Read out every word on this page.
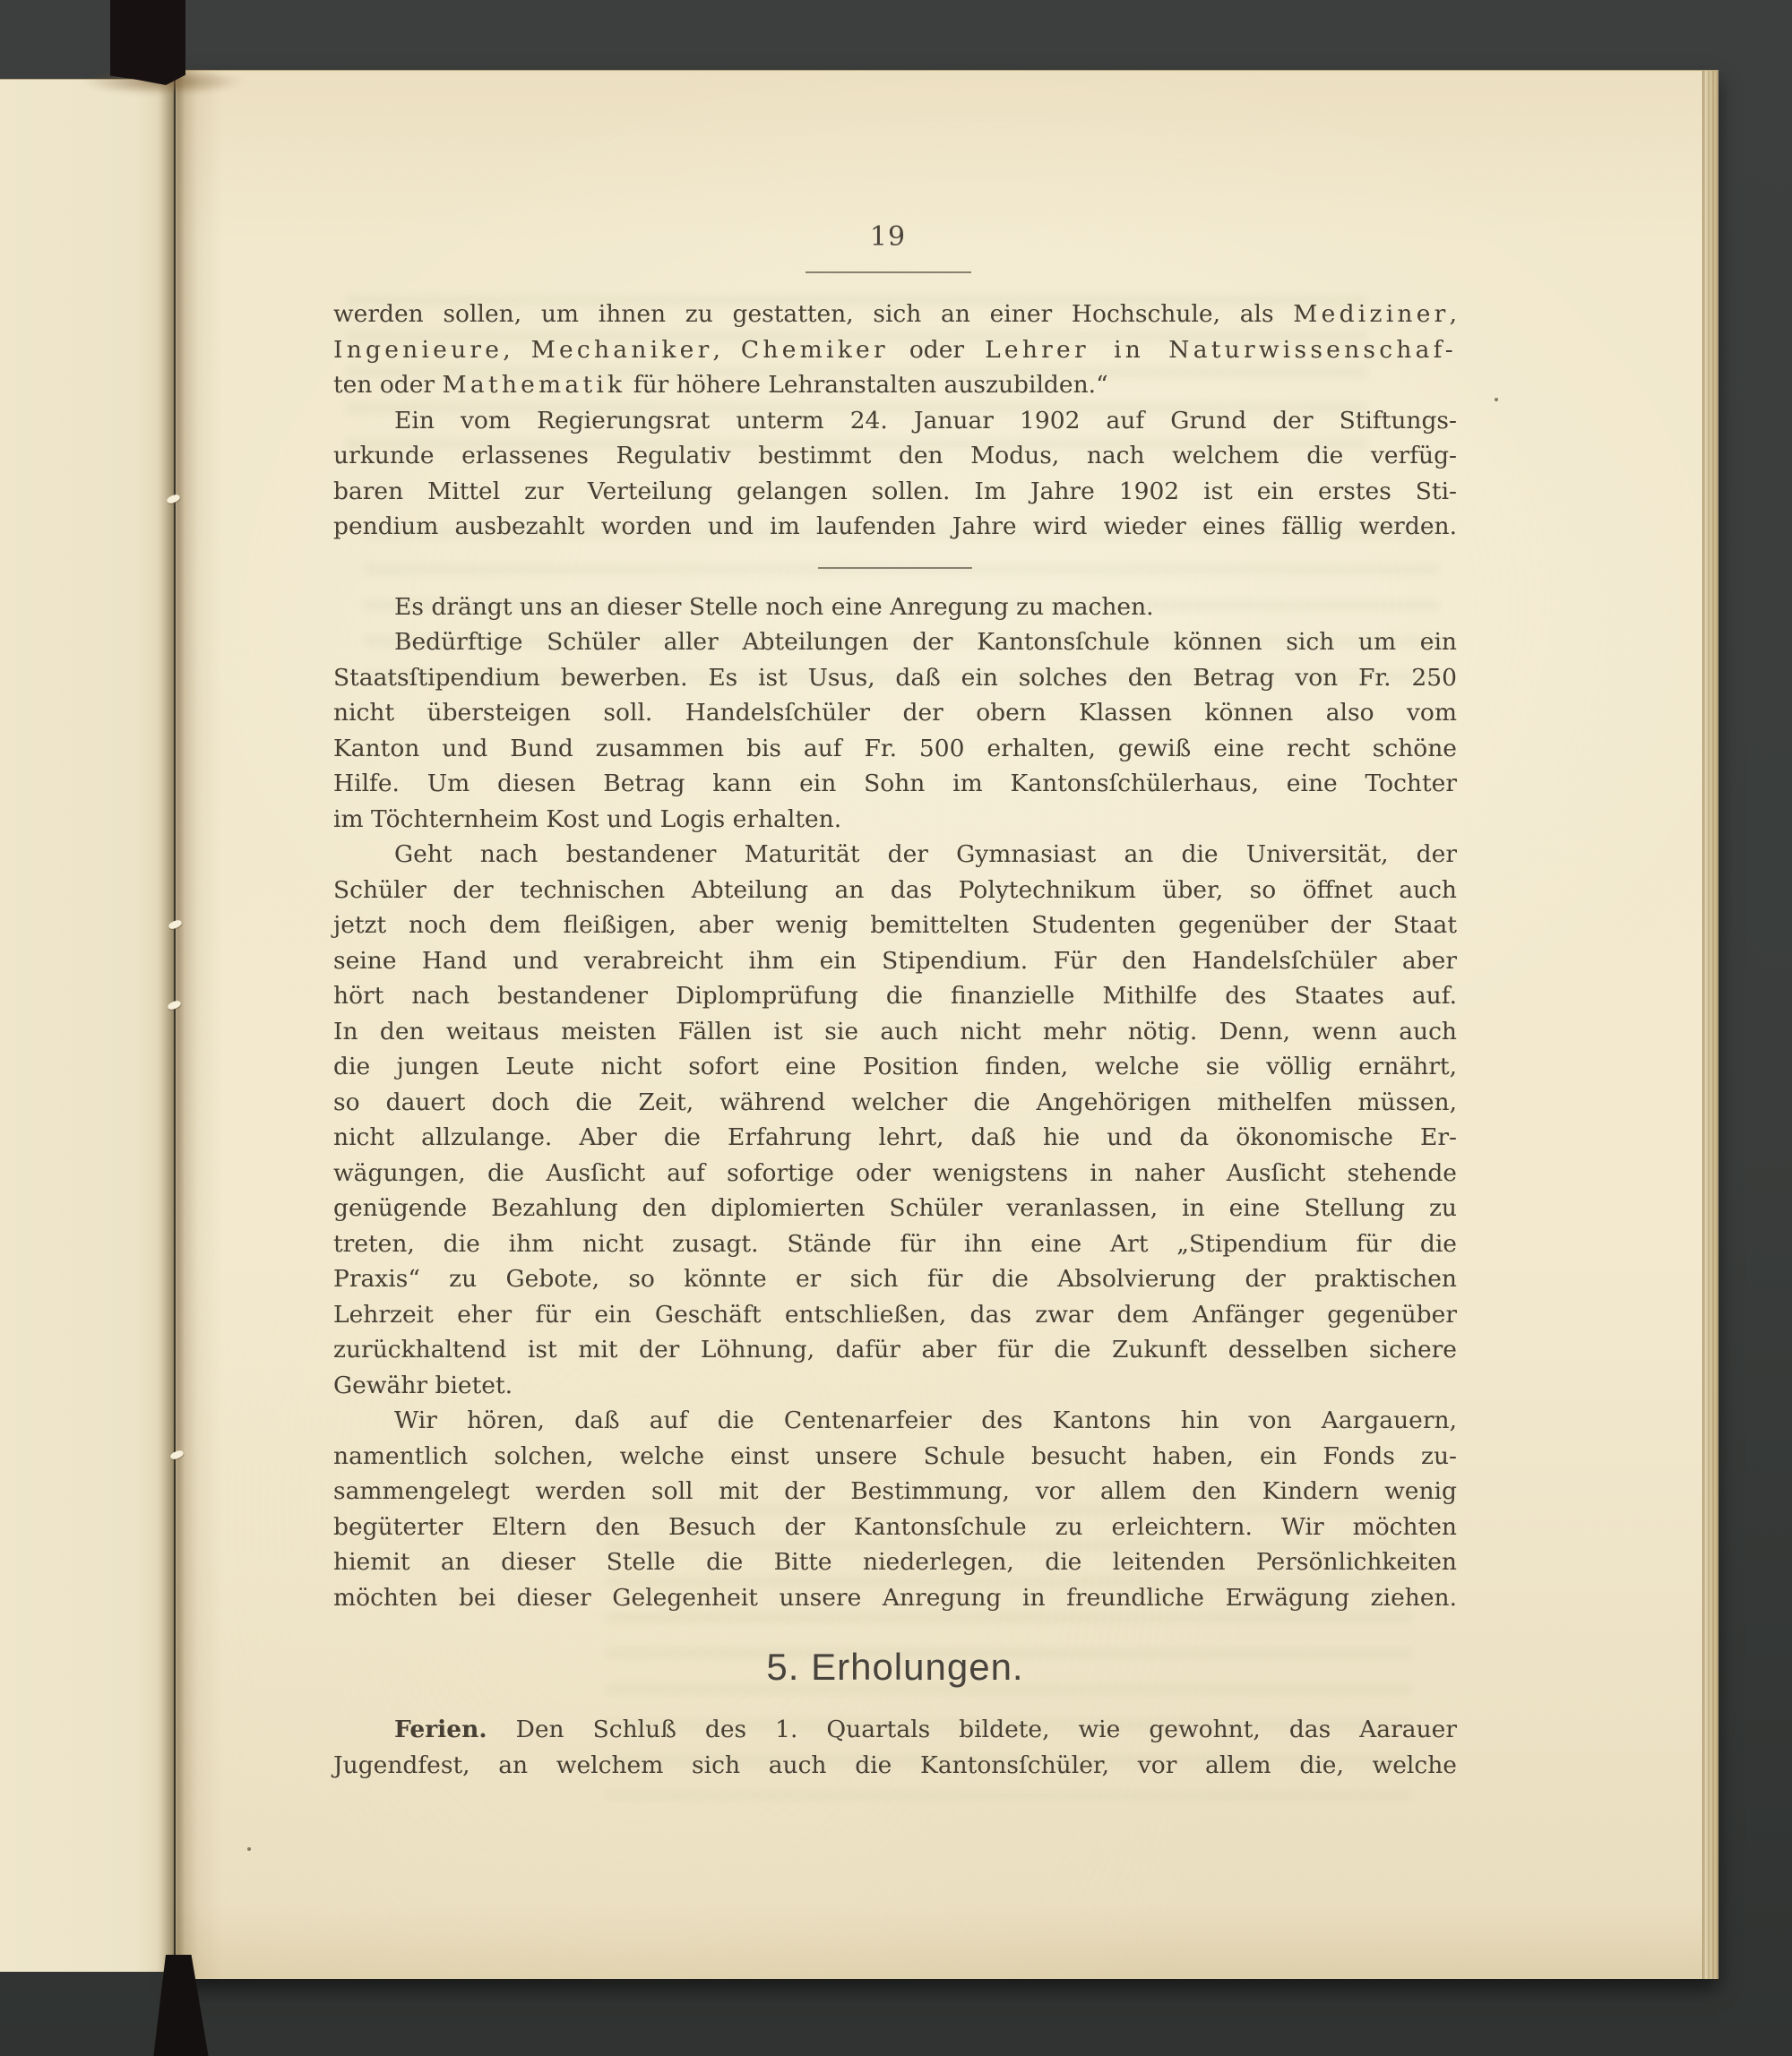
19
werden sollen, um ihnen zu gestatten, sich an einer Hochschule, als Mediziner,
Ingenieure, Mechaniker, Chemiker oder Lehrer in Naturwissenschaf-
ten oder Mathematik für höhere Lehranstalten auszubilden.“
Ein vom Regierungsrat unterm 24. Januar 1902 auf Grund der Stiftungs-
urkunde erlassenes Regulativ bestimmt den Modus, nach welchem die verfüg-
baren Mittel zur Verteilung gelangen sollen. Im Jahre 1902 ist ein erstes Sti-
pendium ausbezahlt worden und im laufenden Jahre wird wieder eines fällig werden.
Es drängt uns an dieser Stelle noch eine Anregung zu machen.
Bedürftige Schüler aller Abteilungen der Kantonsſchule können sich um ein
Staatsſtipendium bewerben. Es ist Usus, daß ein solches den Betrag von Fr. 250
nicht übersteigen soll. Handelsſchüler der obern Klassen können also vom
Kanton und Bund zusammen bis auf Fr. 500 erhalten, gewiß eine recht schöne
Hilfe. Um diesen Betrag kann ein Sohn im Kantonsſchülerhaus, eine Tochter
im Töchternheim Kost und Logis erhalten.
Geht nach bestandener Maturität der Gymnasiast an die Universität, der
Schüler der technischen Abteilung an das Polytechnikum über, so öffnet auch
jetzt noch dem fleißigen, aber wenig bemittelten Studenten gegenüber der Staat
seine Hand und verabreicht ihm ein Stipendium. Für den Handelsſchüler aber
hört nach bestandener Diplomprüfung die finanzielle Mithilfe des Staates auf.
In den weitaus meisten Fällen ist sie auch nicht mehr nötig. Denn, wenn auch
die jungen Leute nicht sofort eine Position finden, welche sie völlig ernährt,
so dauert doch die Zeit, während welcher die Angehörigen mithelfen müssen,
nicht allzulange. Aber die Erfahrung lehrt, daß hie und da ökonomische Er-
wägungen, die Ausſicht auf sofortige oder wenigstens in naher Ausſicht stehende
genügende Bezahlung den diplomierten Schüler veranlassen, in eine Stellung zu
treten, die ihm nicht zusagt. Stände für ihn eine Art „Stipendium für die
Praxis“ zu Gebote, so könnte er sich für die Absolvierung der praktischen
Lehrzeit eher für ein Geschäft entschließen, das zwar dem Anfänger gegenüber
zurückhaltend ist mit der Löhnung, dafür aber für die Zukunft desselben sichere
Gewähr bietet.
Wir hören, daß auf die Centenarfeier des Kantons hin von Aargauern,
namentlich solchen, welche einst unsere Schule besucht haben, ein Fonds zu-
sammengelegt werden soll mit der Bestimmung, vor allem den Kindern wenig
begüterter Eltern den Besuch der Kantonsſchule zu erleichtern. Wir möchten
hiemit an dieser Stelle die Bitte niederlegen, die leitenden Persönlichkeiten
möchten bei dieser Gelegenheit unsere Anregung in freundliche Erwägung ziehen.
5. Erholungen.
Ferien. Den Schluß des 1. Quartals bildete, wie gewohnt, das Aarauer
Jugendfest, an welchem sich auch die Kantonsſchüler, vor allem die, welche
